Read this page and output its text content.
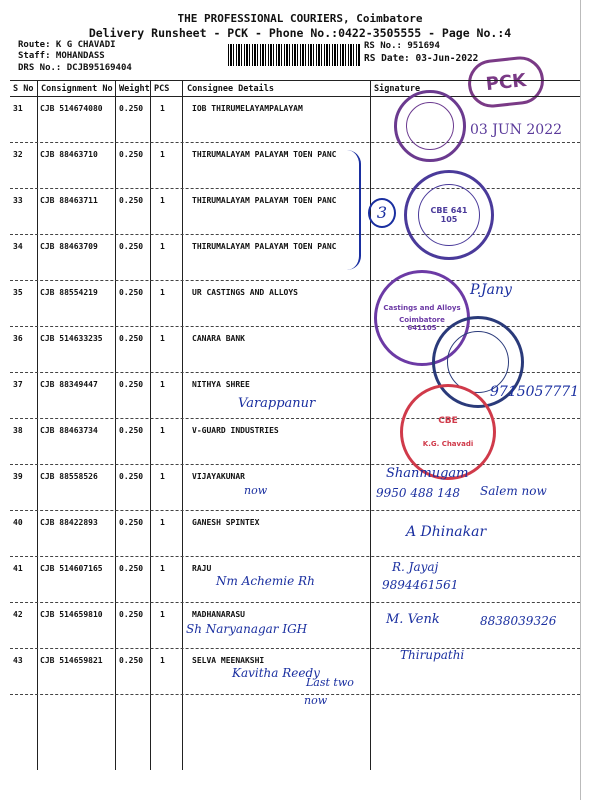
THE PROFESSIONAL COURIERS, Coimbatore
Delivery Runsheet - PCK - Phone No.:0422-3505555 - Page No.:4
Route: K G CHAVADI
Staff: MOHANDASS
DRS No.: DCJB95169404
RS No.: 951694
RS Date: 03-Jun-2022
PCK
S No Consignment No Weight PCS Consignee Details	Signature
31 CJB 514674080 0.250 1	IOB THIRUMELAYAMPALAYAM
32 CJB 88463710	0.250 1	THIRUMALAYAM PALAYAM TOEN PANC
33 CJB 88463711	0.250 1	THIRUMALAYAM PALAYAM TOEN PANC
34 CJB 88463709	0.250 1	THIRUMALAYAM PALAYAM TOEN PANC
35 CJB 88554219	0.250 1	UR CASTINGS AND ALLOYS
36 CJB 514633235 0.250 1	CANARA BANK
37 CJB 88349447	0.250 1	NITHYA SHREE
38 CJB 88463734	0.250 1	V-GUARD INDUSTRIES
39 CJB 88558526	0.250 1	VIJAYAKUNAR
40 CJB 88422893	0.250 1	GANESH SPINTEX
41 CJB 514607165 0.250 1	RAJU
42 CJB 514659810 0.250 1	MADHANARASU
43 CJB 514659821 0.250 1	SELVA MEENAKSHI
03 JUN 2022
CBE 641 105
Castings and Alloys
Coimbatore 641105
CBE
K.G. Chavadi
3
P.Jany
Varappanur
9715057771
Shanmugam
9950 488 148
now	Salem now
A Dhinakar
Nm Achemie Rh
R. Jayaj
9894461561
Sh Naryanagar IGH
M. Venk	8838039326
Kavitha Reedy
Last two
now
Thirupathi
